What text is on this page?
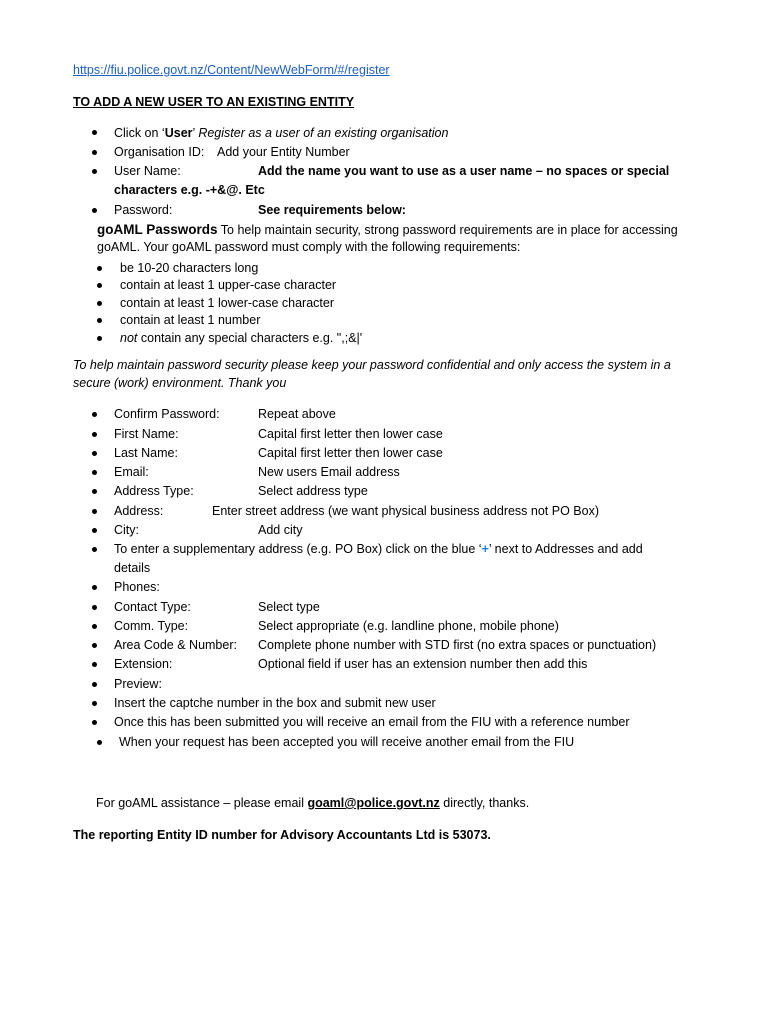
https://fiu.police.govt.nz/Content/NewWebForm/#/register
TO ADD A NEW USER TO AN EXISTING ENTITY
Click on ‘User’ Register as a user of an existing organisation
Organisation ID: Add your Entity Number
User Name:	Add the name you want to use as a user name – no spaces or special
characters e.g. -+&@. Etc
Password:	See requirements below:
goAML Passwords To help maintain security, strong password requirements are in place for accessing
goAML. Your goAML password must comply with the following requirements:
be 10-20 characters long
contain at least 1 upper-case character
contain at least 1 lower-case character
contain at least 1 number
not contain any special characters e.g. ",;&|'
To help maintain password security please keep your password confidential and only access the system in a
secure (work) environment. Thank you
Confirm Password:	Repeat above
First Name:	Capital first letter then lower case
Last Name:	Capital first letter then lower case
Email:	New users Email address
Address Type:	Select address type
Address:	Enter street address (we want physical business address not PO Box)
City:	Add city
To enter a supplementary address (e.g. PO Box) click on the blue ‘+’ next to Addresses and add
details
Phones:
Contact Type:	Select type
Comm. Type:	Select appropriate (e.g. landline phone, mobile phone)
Area Code & Number: Complete phone number with STD first (no extra spaces or punctuation)
Extension:	Optional field if user has an extension number then add this
Preview:
Insert the captche number in the box and submit new user
Once this has been submitted you will receive an email from the FIU with a reference number
When your request has been accepted you will receive another email from the FIU
For goAML assistance – please email goaml@police.govt.nz directly, thanks.
The reporting Entity ID number for Advisory Accountants Ltd is 53073.
